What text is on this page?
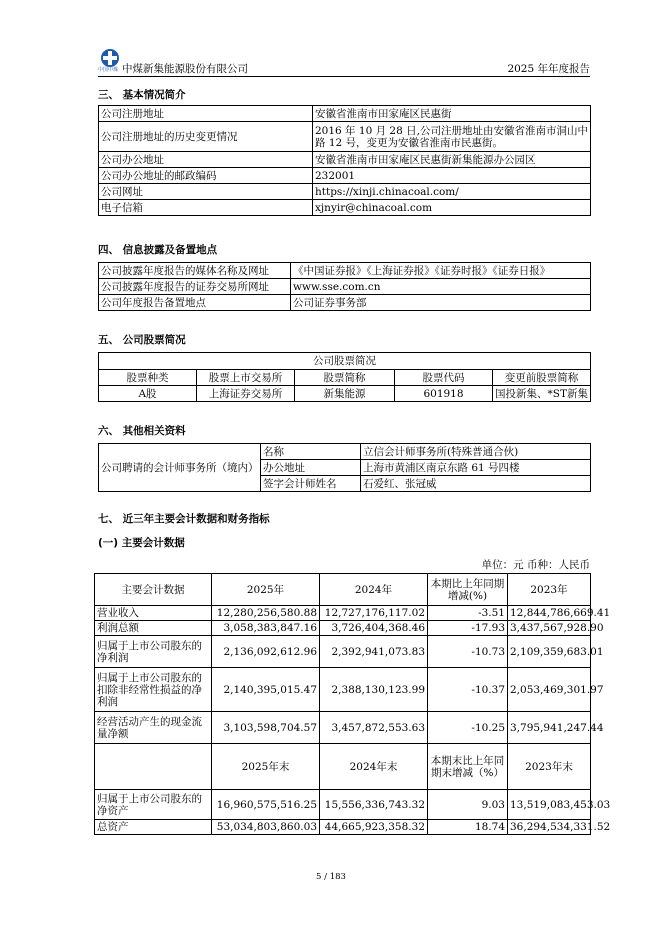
中国中煤 中煤新集能源股份有限公司	2025 年年度报告
三、 基本情况简介
公司注册地址	安徽省淮南市田家庵区民惠街
公司注册地址的历史变更情况	2016 年 10 月 28 日,公司注册地址由安徽省淮南市洞山中路 12 号，变更为安徽省淮南市民惠街。
公司办公地址	安徽省淮南市田家庵区民惠街新集能源办公园区
公司办公地址的邮政编码	232001
公司网址	https://xinji.chinacoal.com/
电子信箱	xjnyir@chinacoal.com
四、 信息披露及备置地点
公司披露年度报告的媒体名称及网址	《中国证券报》《上海证券报》《证券时报》《证券日报》
公司披露年度报告的证券交易所网址	www.sse.com.cn
公司年度报告备置地点	公司证券事务部
五、 公司股票简况
公司股票简况				
股票种类	股票上市交易所	股票简称	股票代码	变更前股票简称
A股	上海证券交易所	新集能源	601918	国投新集、*ST新集
六、 其他相关资料
公司聘请的会计师事务所（境内）	名称	立信会计师事务所(特殊普通合伙)
	办公地址	上海市黄浦区南京东路 61 号四楼
	签字会计师姓名	石爱红、张冠威
七、 近三年主要会计数据和财务指标
(一) 主要会计数据
单位：元 币种：人民币
主要会计数据	2025年	2024年	本期比上年同期增减(%)	2023年
营业收入	12,280,256,580.88	12,727,176,117.02	-3.51	12,844,786,669.41
利润总额	3,058,383,847.16	3,726,404,368.46	-17.93	3,437,567,928.90
归属于上市公司股东的净利润	2,136,092,612.96	2,392,941,073.83	-10.73	2,109,359,683.01
归属于上市公司股东的扣除非经常性损益的净利润	2,140,395,015.47	2,388,130,123.99	-10.37	2,053,469,301.97
经营活动产生的现金流量净额	3,103,598,704.57	3,457,872,553.63	-10.25	3,795,941,247.44
	2025年末	2024年末	本期末比上年同期末增减（%）	2023年末
归属于上市公司股东的净资产	16,960,575,516.25	15,556,336,743.32	9.03	13,519,083,453.03
总资产	53,034,803,860.03	44,665,923,358.32	18.74	36,294,534,331.52
5 / 183
